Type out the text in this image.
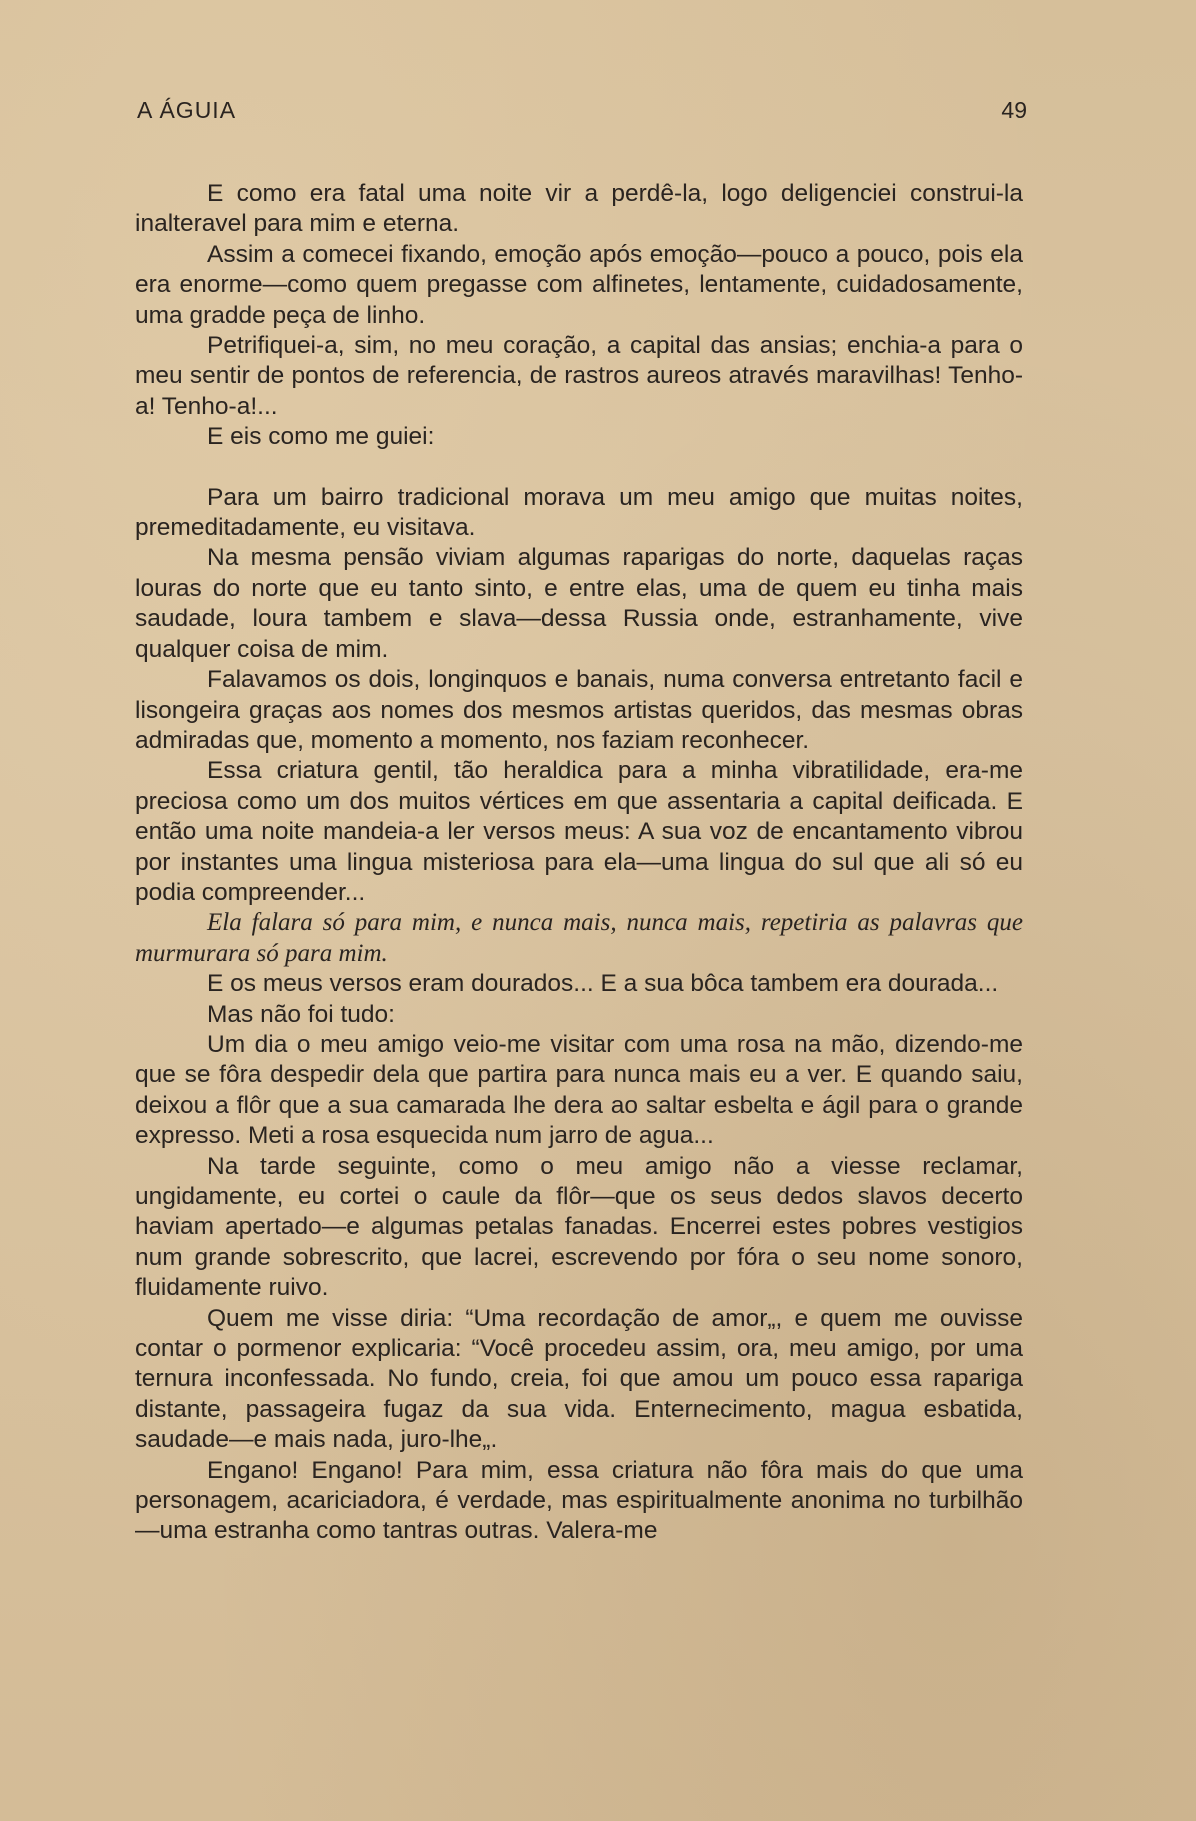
A ÁGUIA	49

E como era fatal uma noite vir a perdê-la, logo deligenciei construi-la inalteravel para mim e eterna.

Assim a comecei fixando, emoção após emoção—pouco a pouco, pois ela era enorme—como quem pregasse com alfinetes, lentamente, cuidadosamente, uma gradde peça de linho.

Petrifiquei-a, sim, no meu coração, a capital das ansias; enchia-a para o meu sentir de pontos de referencia, de rastros aureos através maravilhas! Tenho-a! Tenho-a!...

E eis como me guiei:

Para um bairro tradicional morava um meu amigo que muitas noites, premeditadamente, eu visitava.

Na mesma pensão viviam algumas raparigas do norte, daquelas raças louras do norte que eu tanto sinto, e entre elas, uma de quem eu tinha mais saudade, loura tambem e slava—dessa Russia onde, estranhamente, vive qualquer coisa de mim.

Falavamos os dois, longinquos e banais, numa conversa entretanto facil e lisongeira graças aos nomes dos mesmos artistas queridos, das mesmas obras admiradas que, momento a momento, nos faziam reconhecer.

Essa criatura gentil, tão heraldica para a minha vibratilidade, era-me preciosa como um dos muitos vértices em que assentaria a capital deificada. E então uma noite mandeia-a ler versos meus: A sua voz de encantamento vibrou por instantes uma lingua misteriosa para ela—uma lingua do sul que ali só eu podia compreender...

Ela falara só para mim, e nunca mais, nunca mais, repetiria as palavras que murmurara só para mim.

E os meus versos eram dourados... E a sua bôca tambem era dourada...

Mas não foi tudo:

Um dia o meu amigo veio-me visitar com uma rosa na mão, dizendo-me que se fôra despedir dela que partira para nunca mais eu a ver. E quando saiu, deixou a flôr que a sua camarada lhe dera ao saltar esbelta e ágil para o grande expresso. Meti a rosa esquecida num jarro de agua...

Na tarde seguinte, como o meu amigo não a viesse reclamar, ungidamente, eu cortei o caule da flôr—que os seus dedos slavos decerto haviam apertado—e algumas petalas fanadas. Encerrei estes pobres vestigios num grande sobrescrito, que lacrei, escrevendo por fóra o seu nome sonoro, fluidamente ruivo.

Quem me visse diria: “Uma recordação de amor„, e quem me ouvisse contar o pormenor explicaria: “Você procedeu assim, ora, meu amigo, por uma ternura inconfessada. No fundo, creia, foi que amou um pouco essa rapariga distante, passageira fugaz da sua vida. Enternecimento, magua esbatida, saudade—e mais nada, juro-lhe„.

Engano! Engano! Para mim, essa criatura não fôra mais do que uma personagem, acariciadora, é verdade, mas espiritualmente anonima no turbilhão—uma estranha como tantras outras. Valera-me
